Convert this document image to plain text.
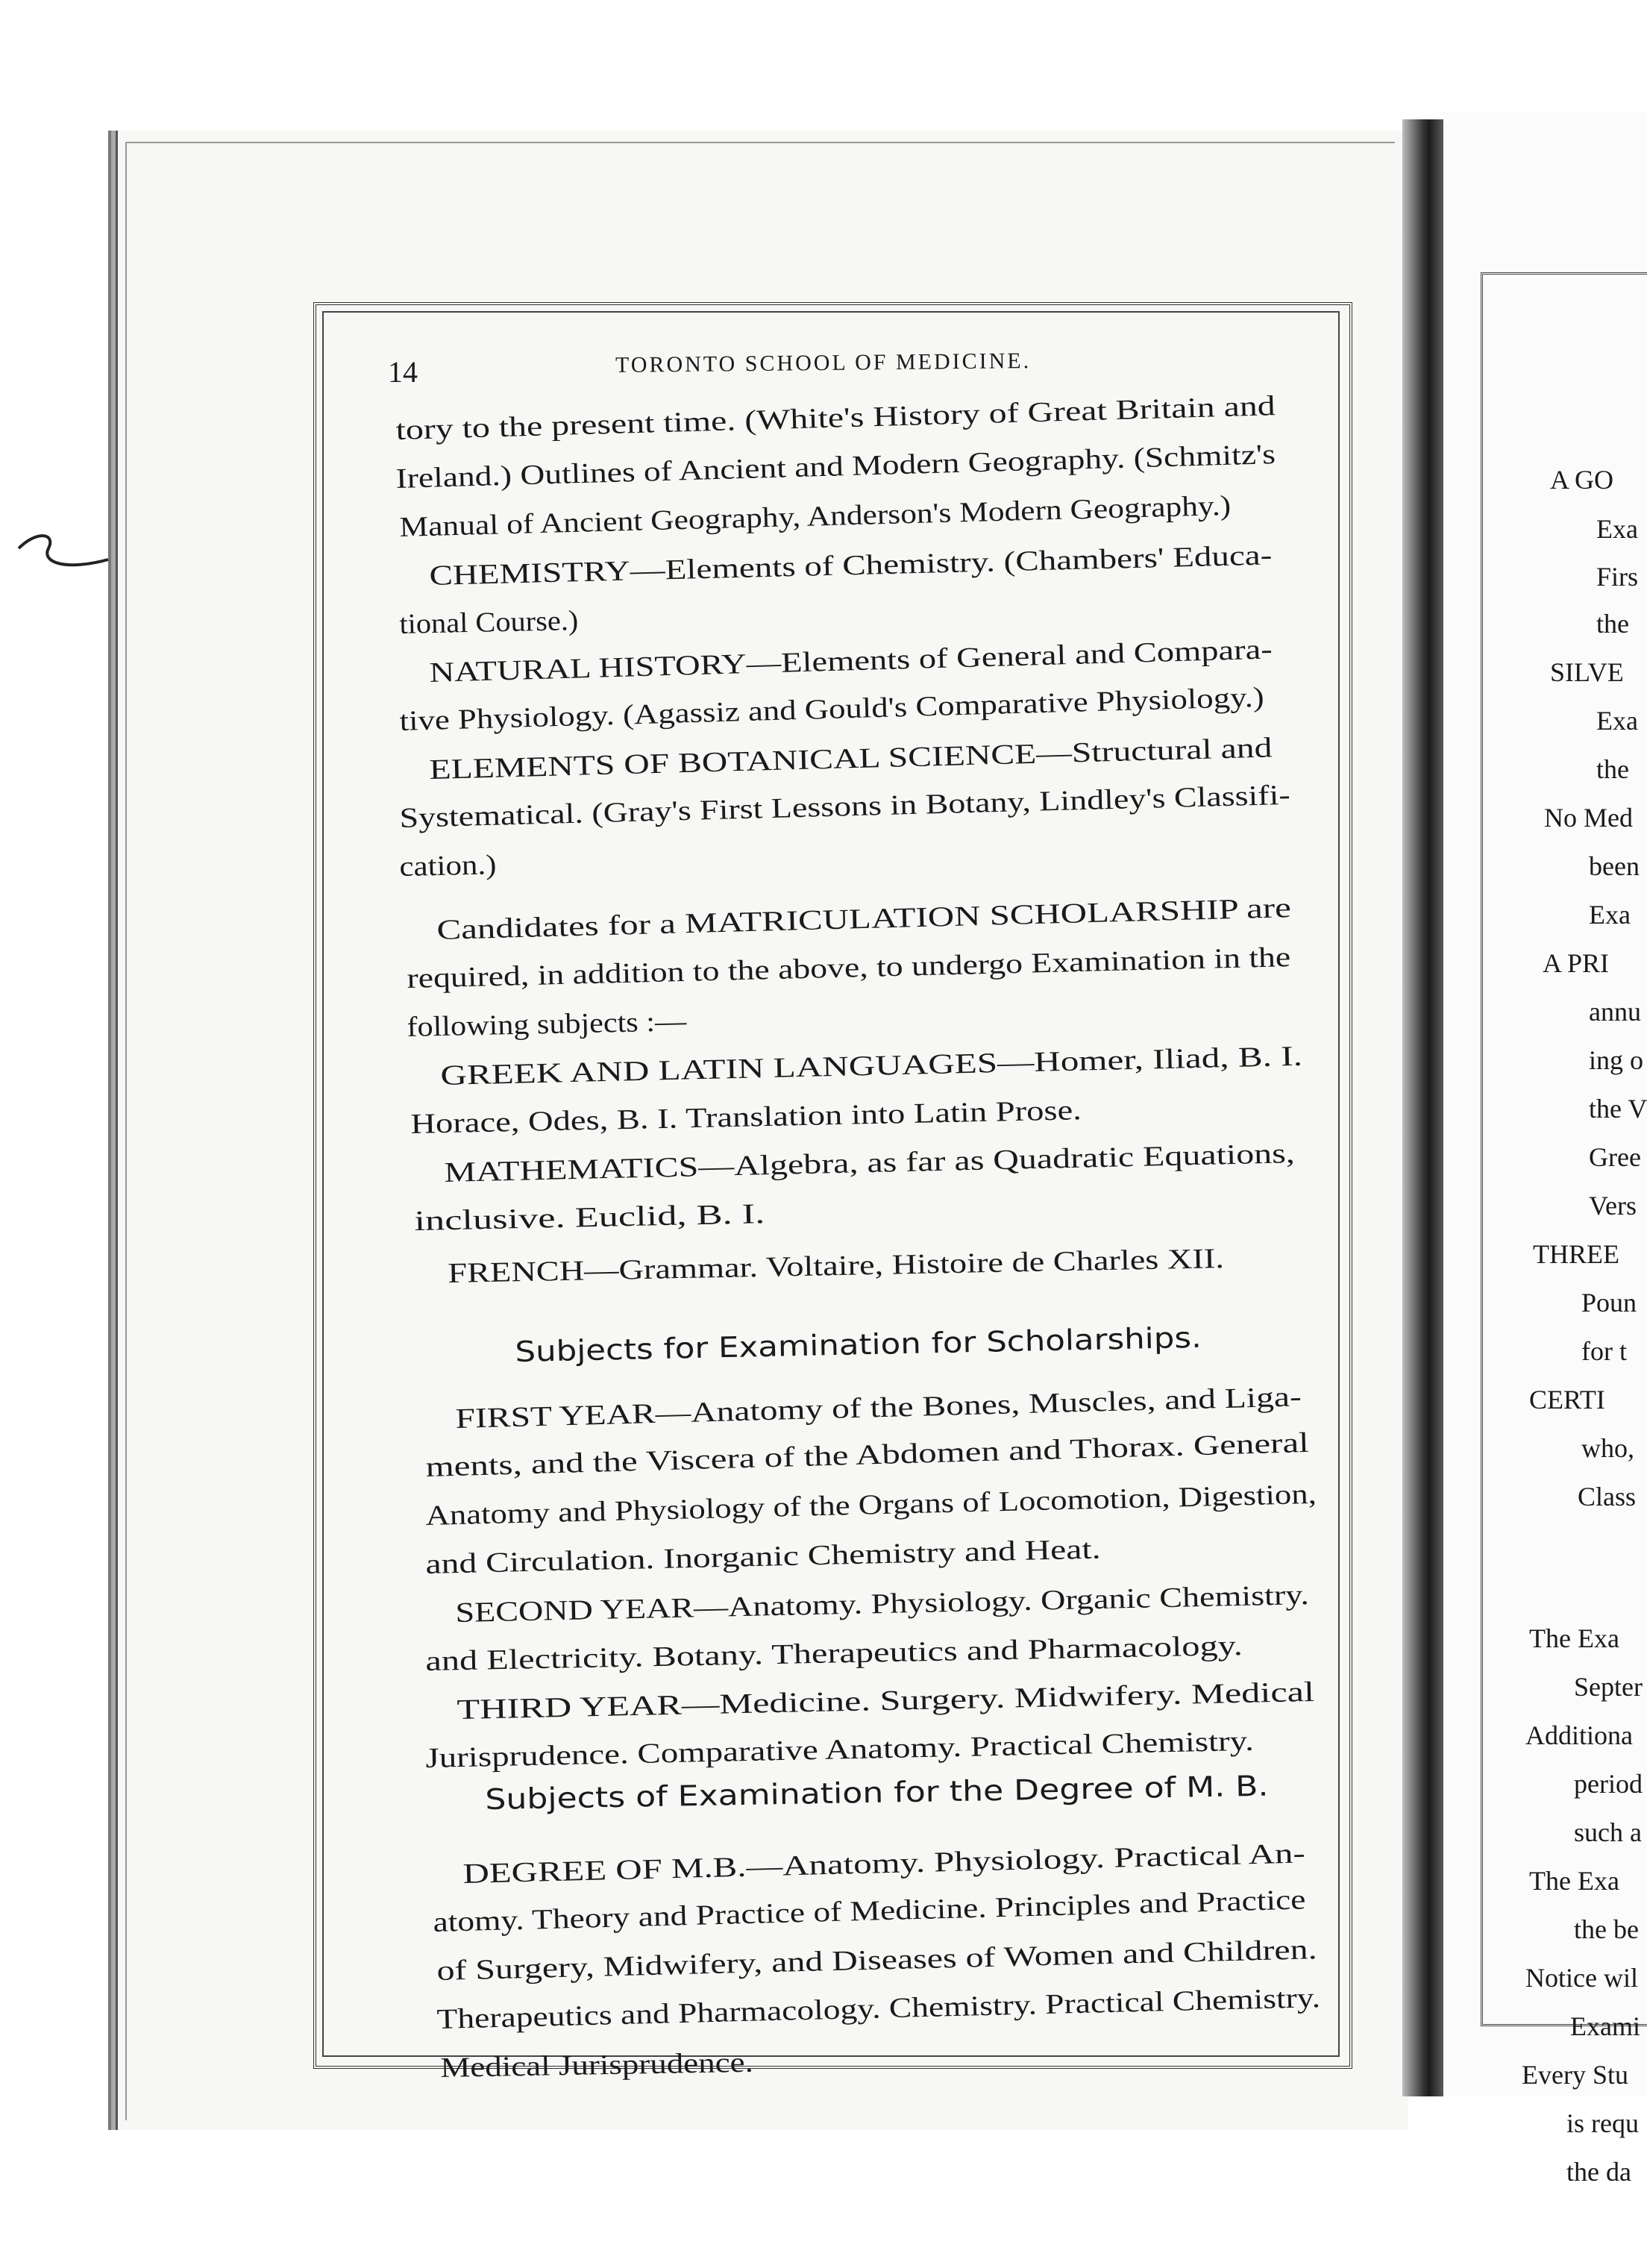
14	TORONTO SCHOOL OF MEDICINE.
tory to the present time. (White's History of Great Britain and
Ireland.) Outlines of Ancient and Modern Geography. (Schmitz's
Manual of Ancient Geography, Anderson's Modern Geography.)
CHEMISTRY—Elements of Chemistry. (Chambers' Educa-
tional Course.)
NATURAL HISTORY—Elements of General and Compara-
tive Physiology. (Agassiz and Gould's Comparative Physiology.)
ELEMENTS OF BOTANICAL SCIENCE—Structural and
Systematical. (Gray's First Lessons in Botany, Lindley's Classifi-
cation.)
Candidates for a MATRICULATION SCHOLARSHIP are
required, in addition to the above, to undergo Examination in the
following subjects :—
GREEK AND LATIN LANGUAGES—Homer, Iliad, B. I.
Horace, Odes, B. I. Translation into Latin Prose.
MATHEMATICS—Algebra, as far as Quadratic Equations,
inclusive. Euclid, B. I.
FRENCH—Grammar. Voltaire, Histoire de Charles XII.
FIRST YEAR—Anatomy of the Bones, Muscles, and Liga-
ments, and the Viscera of the Abdomen and Thorax. General
Anatomy and Physiology of the Organs of Locomotion, Digestion,
and Circulation. Inorganic Chemistry and Heat.
SECOND YEAR—Anatomy. Physiology. Organic Chemistry.
and Electricity. Botany. Therapeutics and Pharmacology.
THIRD YEAR—Medicine. Surgery. Midwifery. Medical
Jurisprudence. Comparative Anatomy. Practical Chemistry.
DEGREE OF M.B.—Anatomy. Physiology. Practical An-
atomy. Theory and Practice of Medicine. Principles and Practice
of Surgery, Midwifery, and Diseases of Women and Children.
Therapeutics and Pharmacology. Chemistry. Practical Chemistry.
Medical Jurisprudence.
Subjects for Examination for Scholarships.
Subjects of Examination for the Degree of M. B.
A GO
Exa
Firs
the
SILVE
Exa
the
No Med
been
Exa
A PRI
annu
ing o
the V
Gree
Vers
THREE
Poun
for t
CERTI
who,
Class
The Exa
Septer
Additiona
period
such a
The Exa
the be
Notice wil
Exami
Every Stu
is requ
the da
